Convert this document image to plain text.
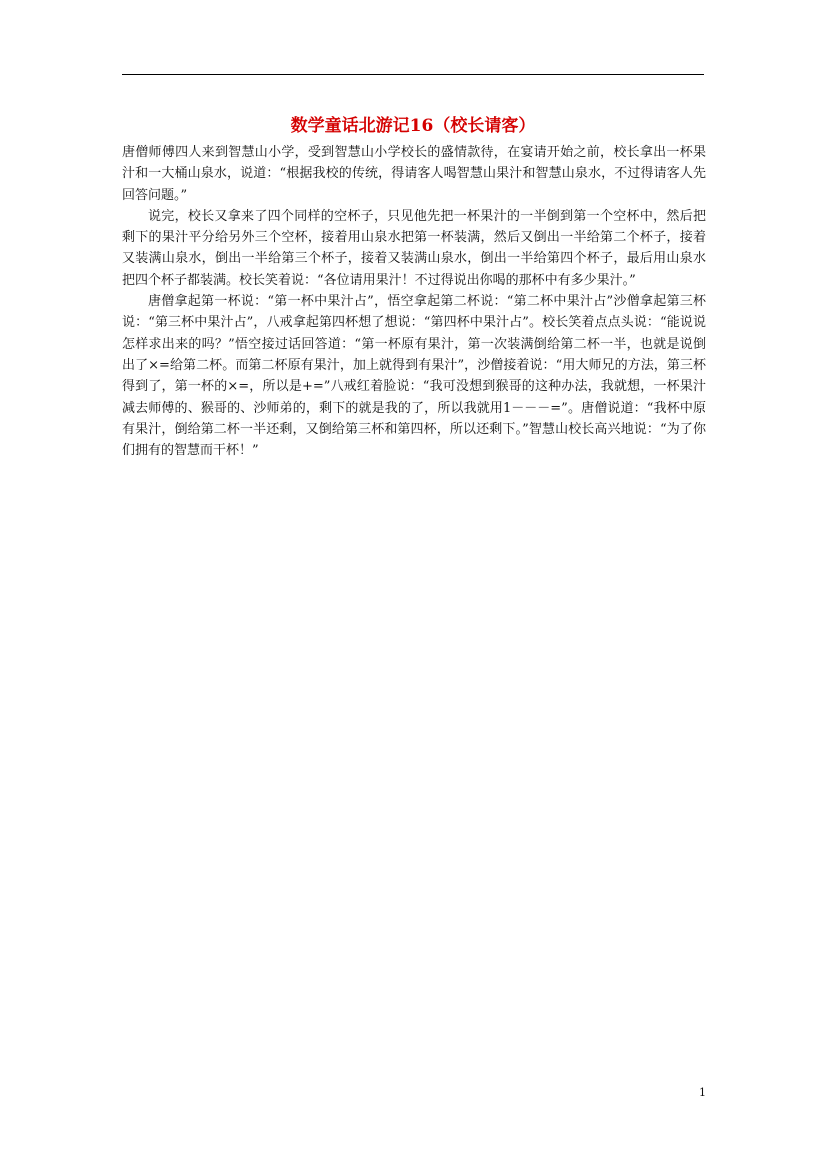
数学童话北游记16（校长请客）

唐僧师傅四人来到智慧山小学，受到智慧山小学校长的盛情款待，在宴请开始之前，校长拿出一杯果汁和一大桶山泉水，说道：“根据我校的传统，得请客人喝智慧山果汁和智慧山泉水，不过得请客人先回答问题。”

说完，校长又拿来了四个同样的空杯子，只见他先把一杯果汁的一半倒到第一个空杯中，然后把剩下的果汁平分给另外三个空杯，接着用山泉水把第一杯装满，然后又倒出一半给第二个杯子，接着又装满山泉水，倒出一半给第三个杯子，接着又装满山泉水，倒出一半给第四个杯子，最后用山泉水把四个杯子都装满。校长笑着说：“各位请用果汁！不过得说出你喝的那杯中有多少果汁。”

唐僧拿起第一杯说：“第一杯中果汁占”，悟空拿起第二杯说：“第二杯中果汁占”沙僧拿起第三杯说：“第三杯中果汁占”，八戒拿起第四杯想了想说：“第四杯中果汁占”。校长笑着点点头说：“能说说怎样求出来的吗？”悟空接过话回答道：“第一杯原有果汁，第一次装满倒给第二杯一半，也就是说倒出了×=给第二杯。而第二杯原有果汁，加上就得到有果汁”，沙僧接着说：“用大师兄的方法，第三杯得到了，第一杯的×=，所以是+=”八戒红着脸说：“我可没想到猴哥的这种办法，我就想，一杯果汁减去师傅的、猴哥的、沙师弟的，剩下的就是我的了，所以我就用1－－－=”。唐僧说道：“我杯中原有果汁，倒给第二杯一半还剩，又倒给第三杯和第四杯，所以还剩下。”智慧山校长高兴地说：“为了你们拥有的智慧而干杯！”

1
